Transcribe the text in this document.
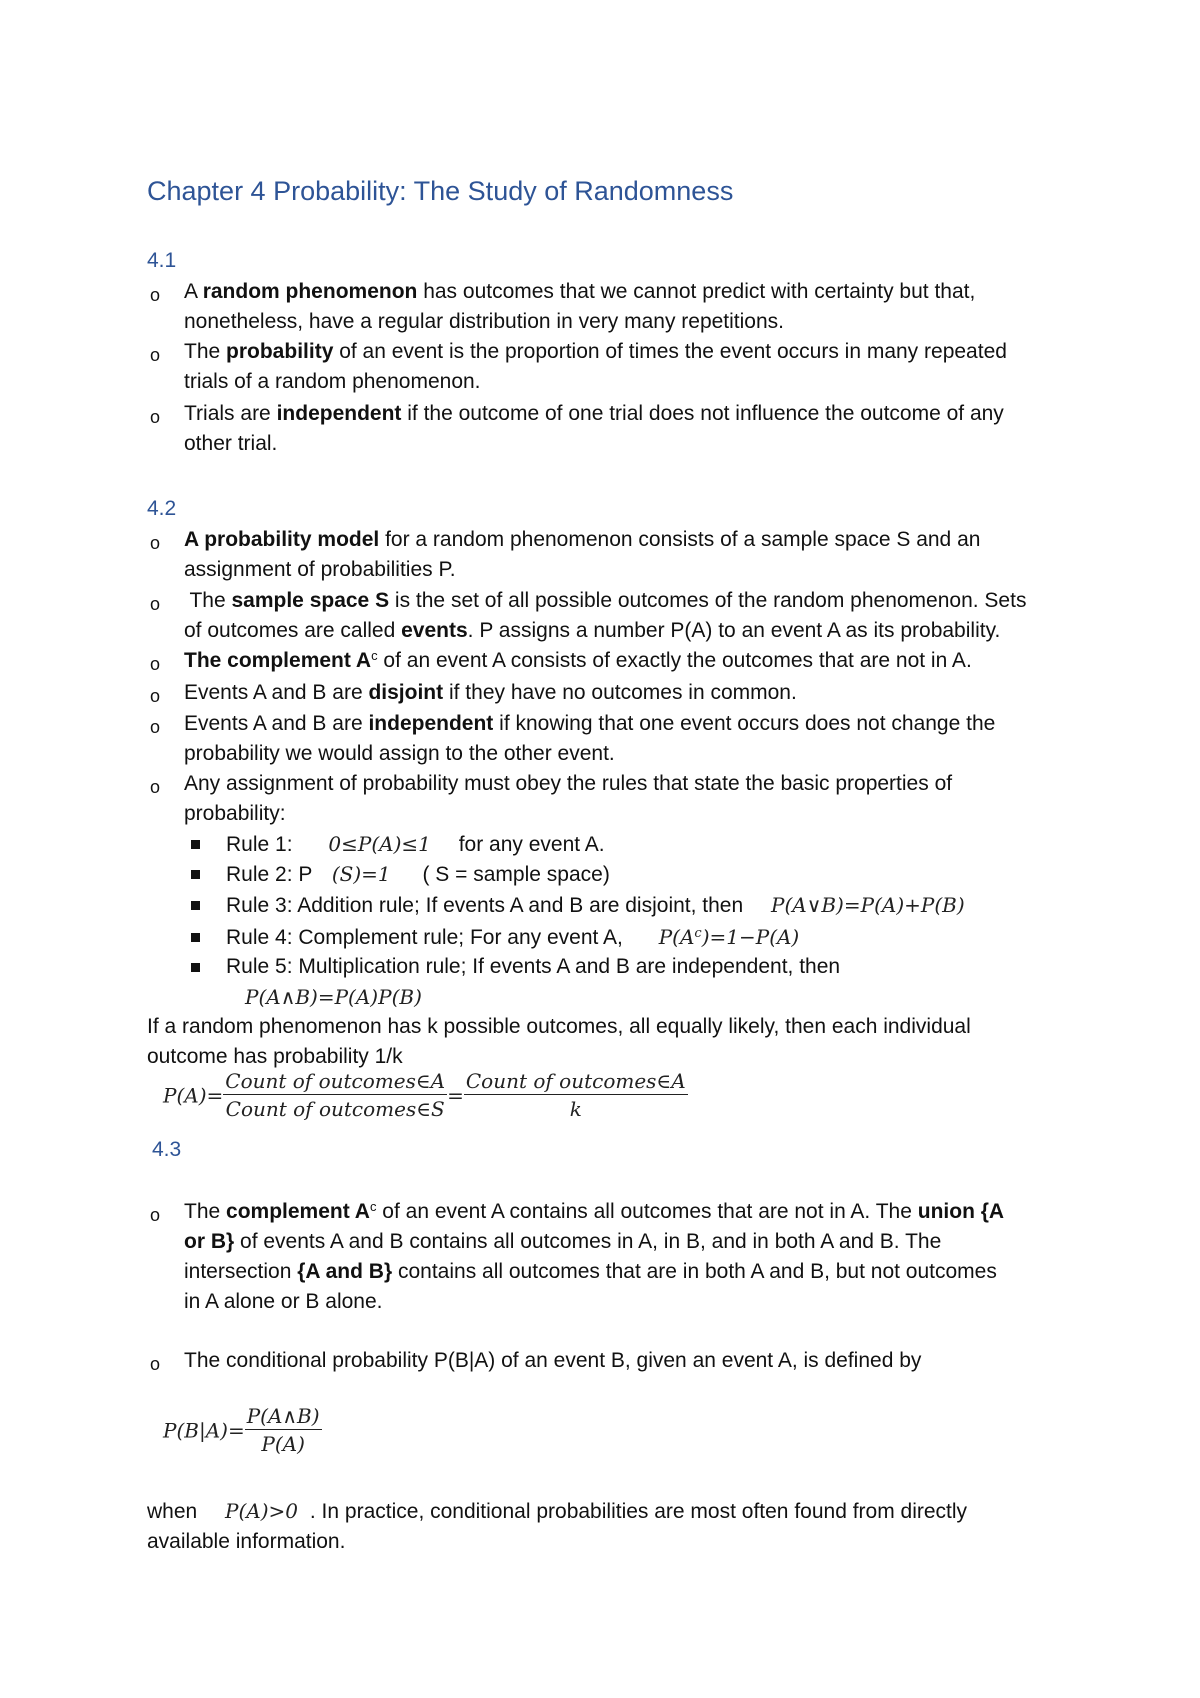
Chapter 4 Probability: The Study of Randomness
4.1
o A random phenomenon has outcomes that we cannot predict with certainty but that,
nonetheless, have a regular distribution in very many repetitions.
o The probability of an event is the proportion of times the event occurs in many repeated
trials of a random phenomenon.
o Trials are independent if the outcome of one trial does not influence the outcome of any
other trial.
4.2
o A probability model for a random phenomenon consists of a sample space S and an
assignment of probabilities P.
o The sample space S is the set of all possible outcomes of the random phenomenon. Sets
of outcomes are called events. P assigns a number P(A) to an event A as its probability.
o The complement $A^c$ of an event A consists of exactly the outcomes that are not in A.
o Events A and B are disjoint if they have no outcomes in common.
o Events A and B are independent if knowing that one event occurs does not change the
probability we would assign to the other event.
o Any assignment of probability must obey the rules that state the basic properties of
probability:
Rule 1: 0≤P(A)≤1 for any event A.
Rule 2: P (S)=1 ( S = sample space)
Rule 3: Addition rule; If events A and B are disjoint, then P(A∨B)=P(A)+P(B)
Rule 4: Complement rule; For any event A, $P(A^c)=1-P(A)$
Rule 5: Multiplication rule; If events A and B are independent, then
P(A∧B)=P(A)P(B)
If a random phenomenon has k possible outcomes, all equally likely, then each individual
outcome has probability 1/k
$P(A)= \frac{\text{Count of outcomes∈A}}{\text{Count of outcomes∈S}} = \frac{\text{Count of outcomes∈A}}{k}$
4.3
o The complement $A^c$ of an event A contains all outcomes that are not in A. The union {A
or B} of events A and B contains all outcomes in A, in B, and in both A and B. The
intersection {A and B} contains all outcomes that are in both A and B, but not outcomes
in A alone or B alone.
o The conditional probability P(B|A) of an event B, given an event A, is defined by
$P(B|A)= \frac{P(A\wedge B)}{P(A)}$
when P(A)>0 . In practice, conditional probabilities are most often found from directly
available information.
